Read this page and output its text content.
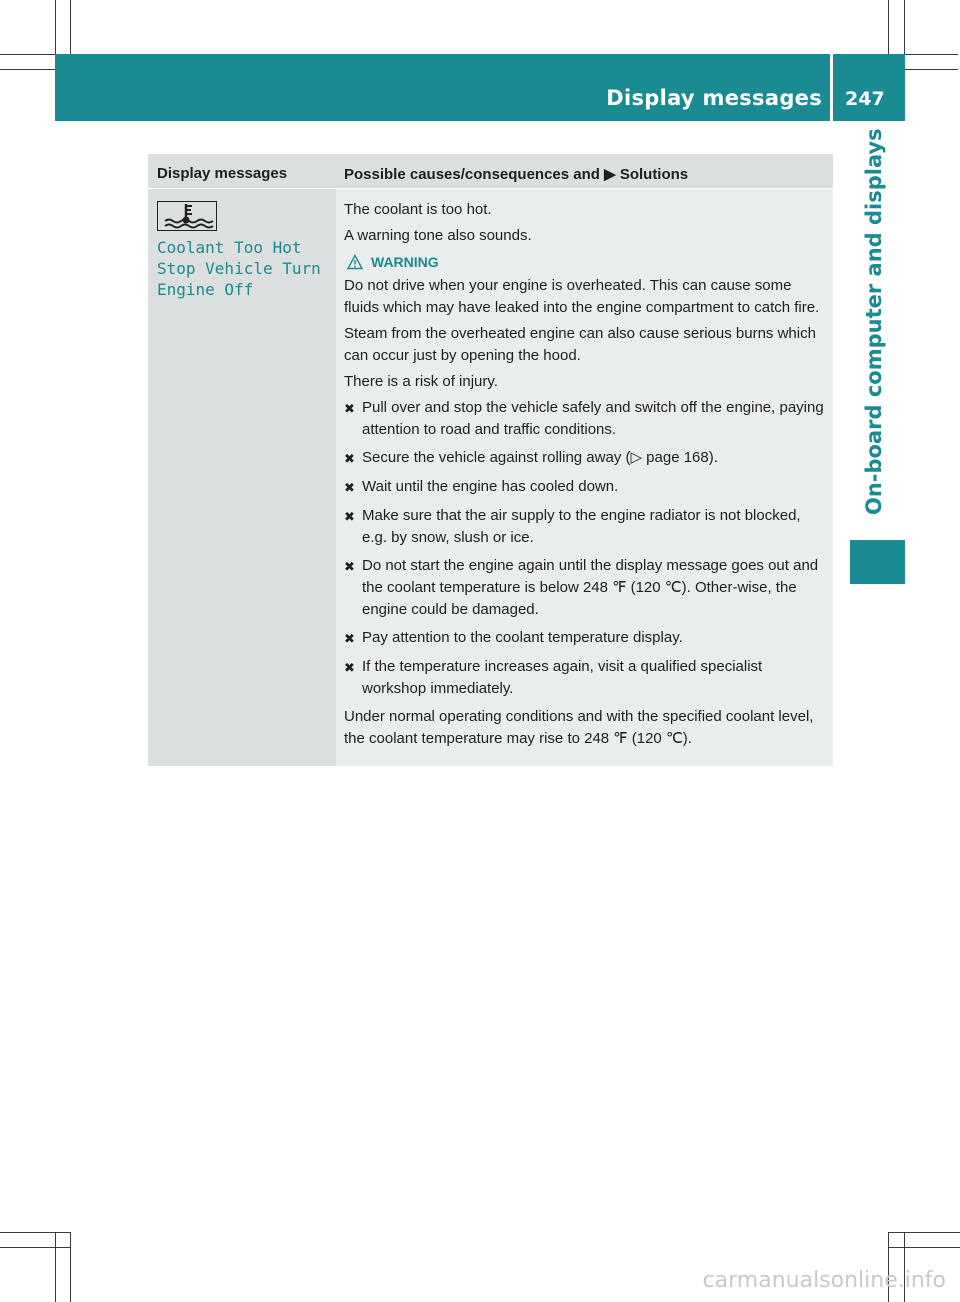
Display messages 247
On-board computer and displays
Display messages	Possible causes/consequences and ▶ Solutions
Coolant Too Hot
Stop Vehicle Turn
Engine Off

The coolant is too hot.

A warning tone also sounds.

WARNING

Do not drive when your engine is overheated. This can cause some fluids which may have leaked into the engine compartment to catch fire.

Steam from the overheated engine can also cause serious burns which can occur just by opening the hood.

There is a risk of injury.

✖ Pull over and stop the vehicle safely and switch off the engine, paying attention to road and traffic conditions.
✖ Secure the vehicle against rolling away (▷ page 168).
✖ Wait until the engine has cooled down.
✖ Make sure that the air supply to the engine radiator is not blocked, e.g. by snow, slush or ice.
✖ Do not start the engine again until the display message goes out and the coolant temperature is below 248 ℉ (120 ℃). Other-wise, the engine could be damaged.
✖ Pay attention to the coolant temperature display.
✖ If the temperature increases again, visit a qualified specialist workshop immediately.

Under normal operating conditions and with the specified coolant level, the coolant temperature may rise to 248 ℉ (120 ℃).

carmanualsonline.info
